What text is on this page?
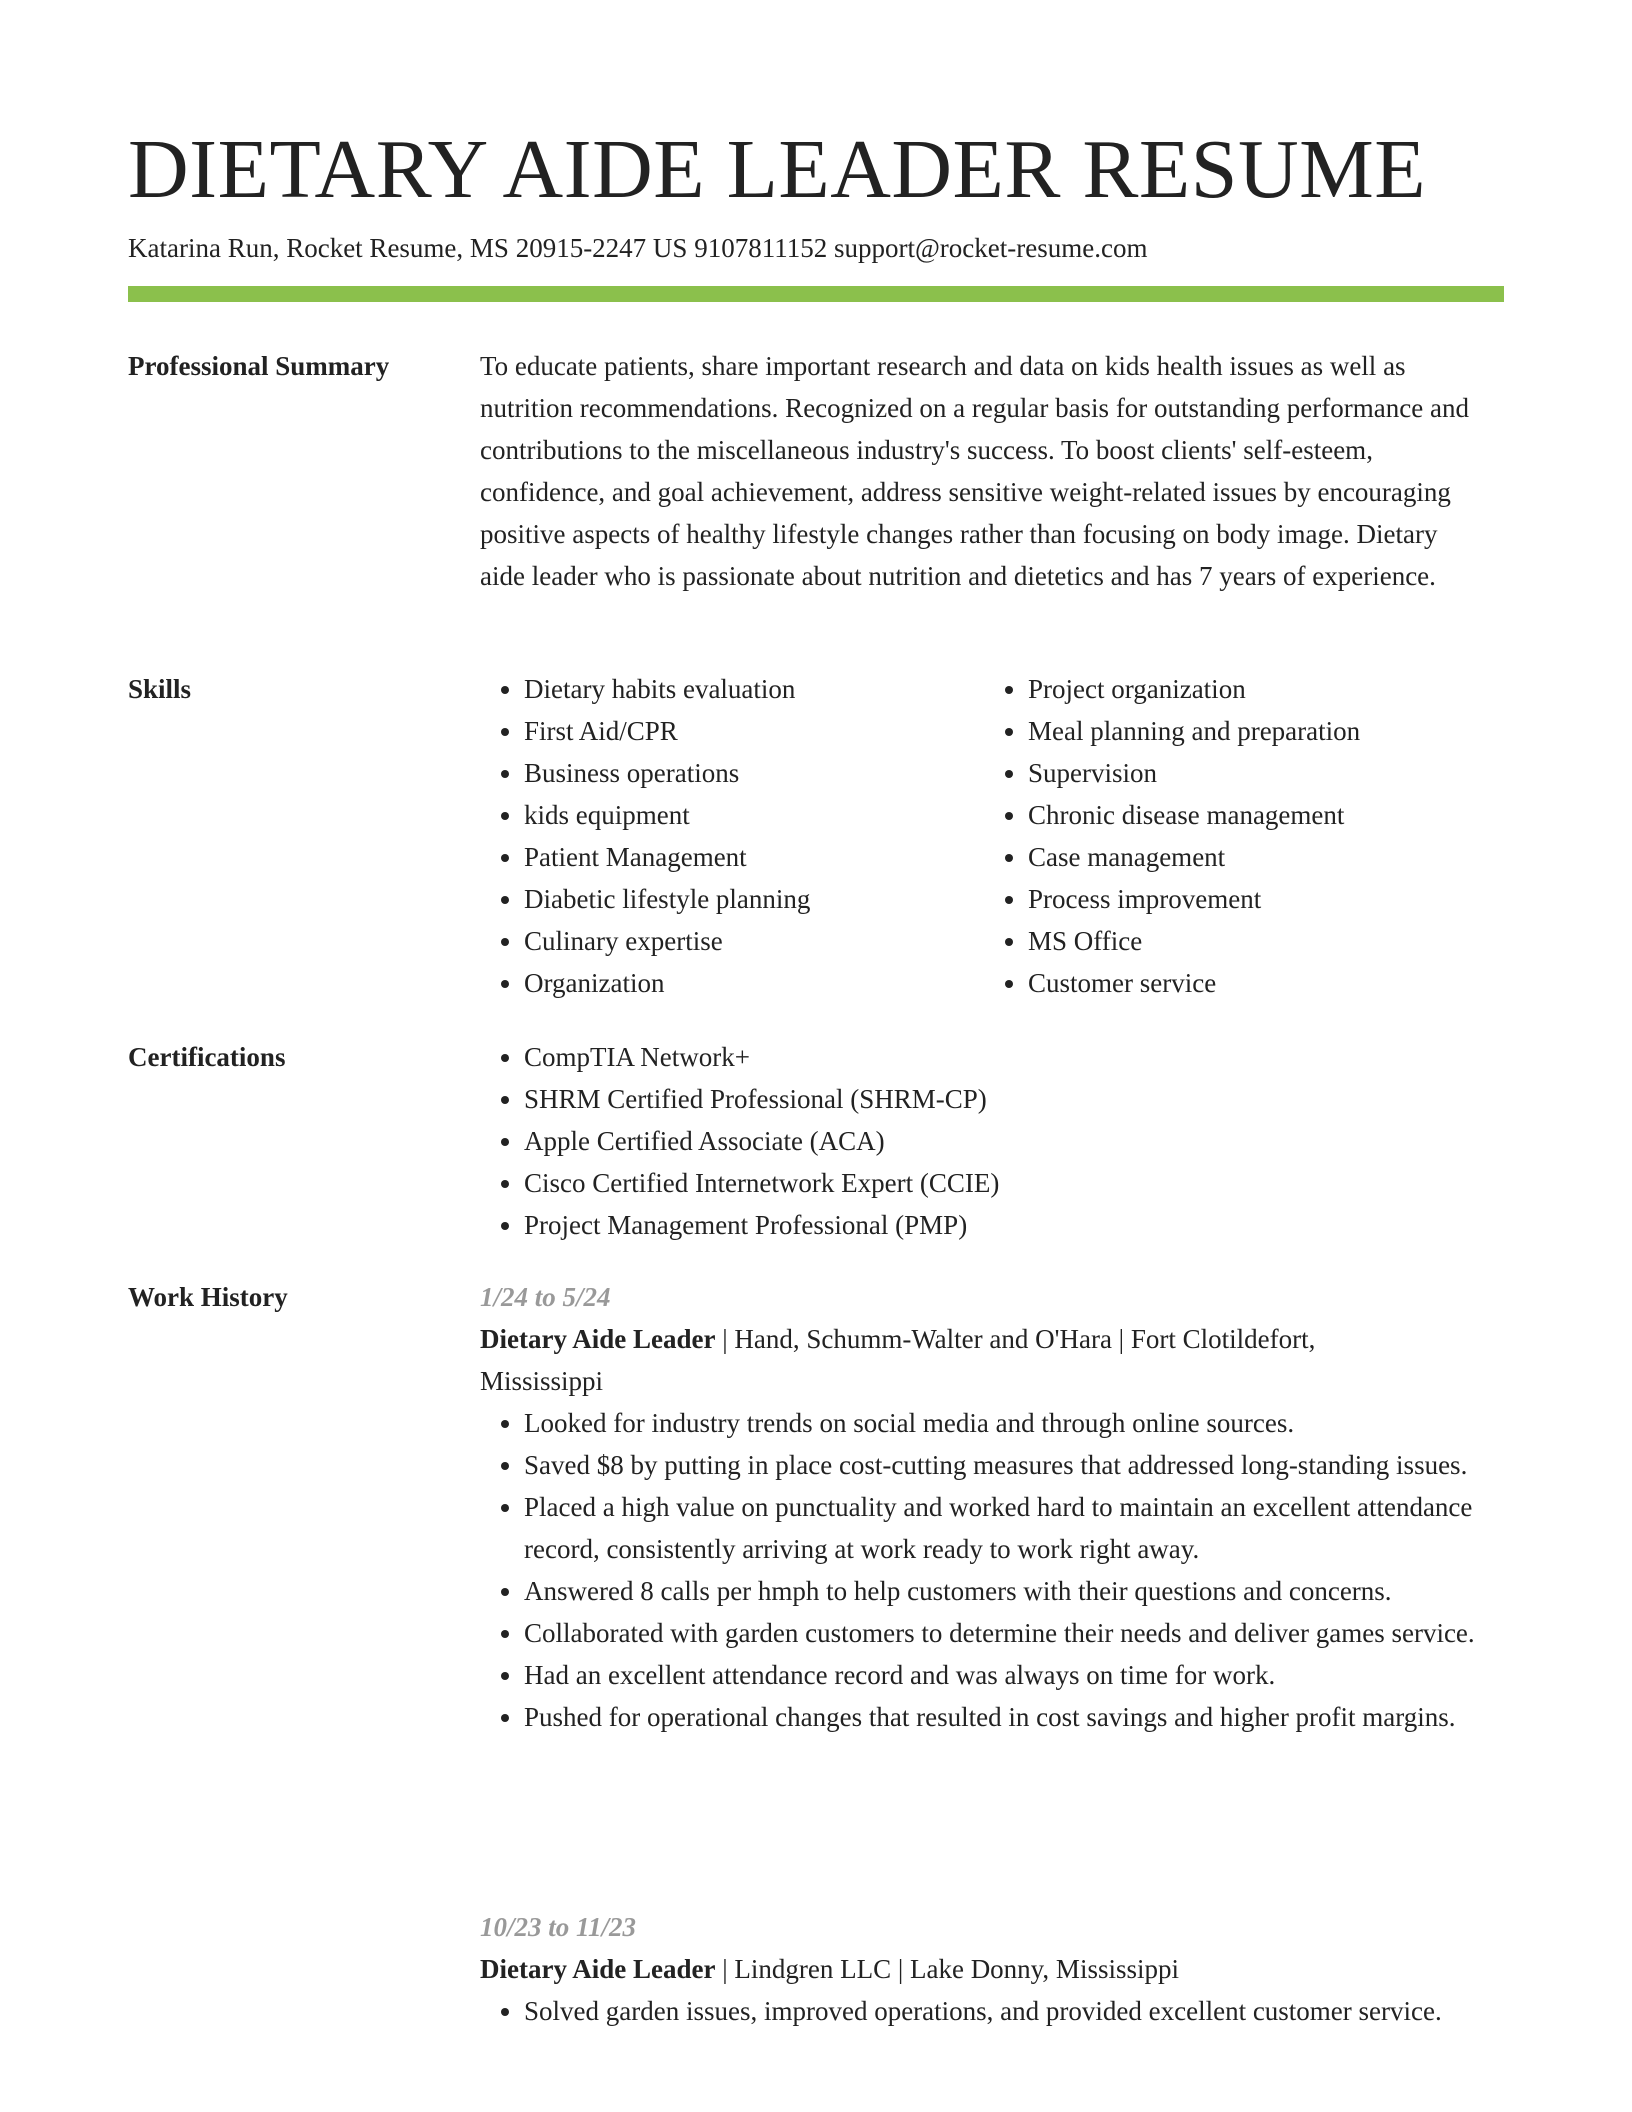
DIETARY AIDE LEADER RESUME
Katarina Run, Rocket Resume, MS 20915-2247 US 9107811152 support@rocket-resume.com
Professional Summary	To educate patients, share important research and data on kids health issues as well as nutrition recommendations. Recognized on a regular basis for outstanding performance and contributions to the miscellaneous industry's success. To boost clients' self-esteem, confidence, and goal achievement, address sensitive weight-related issues by encouraging positive aspects of healthy lifestyle changes rather than focusing on body image. Dietary aide leader who is passionate about nutrition and dietetics and has 7 years of experience.

Skills	• Dietary habits evaluation
• First Aid/CPR
• Business operations
• kids equipment
• Patient Management
• Diabetic lifestyle planning
• Culinary expertise
• Organization
• Project organization
• Meal planning and preparation
• Supervision
• Chronic disease management
• Case management
• Process improvement
• MS Office
• Customer service
Certifications	• CompTIA Network+
• SHRM Certified Professional (SHRM-CP)
• Apple Certified Associate (ACA)
• Cisco Certified Internetwork Expert (CCIE)
• Project Management Professional (PMP)
Work History	1/24 to 5/24
Dietary Aide Leader | Hand, Schumm-Walter and O'Hara | Fort Clotildefort, Mississippi
• Looked for industry trends on social media and through online sources.
• Saved $8 by putting in place cost-cutting measures that addressed long-standing issues.
• Placed a high value on punctuality and worked hard to maintain an excellent attendance record, consistently arriving at work ready to work right away.
• Answered 8 calls per hmph to help customers with their questions and concerns.
• Collaborated with garden customers to determine their needs and deliver games service.
• Had an excellent attendance record and was always on time for work.
• Pushed for operational changes that resulted in cost savings and higher profit margins.
10/23 to 11/23
Dietary Aide Leader | Lindgren LLC | Lake Donny, Mississippi
• Solved garden issues, improved operations, and provided excellent customer service.
